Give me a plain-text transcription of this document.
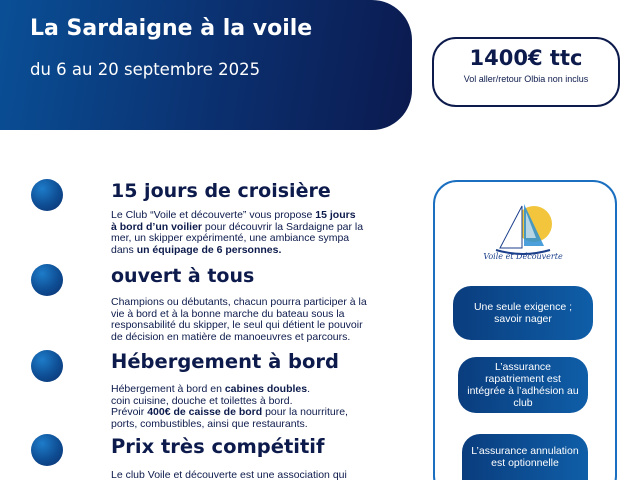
La Sardaigne à la voile
du 6 au 20 septembre 2025	1400€ ttc
Vol aller/retour Olbia non inclus
15 jours de croisière
Le Club “Voile et découverte” vous propose 15 jours
à bord d’un voilier pour découvrir la Sardaigne par la
mer, un skipper expérimenté, une ambiance sympa
dans un équipage de 6 personnes.
ouvert à tous
Champions ou débutants, chacun pourra participer à la
vie à bord et à la bonne marche du bateau sous la
responsabilité du skipper, le seul qui détient le pouvoir
de décision en matière de manoeuvres et parcours.
Hébergement à bord
Hébergement à bord en cabines doubles.
coin cuisine, douche et toilettes à bord.
Prévoir 400€ de caisse de bord pour la nourriture,
ports, combustibles, ainsi que restaurants.
Prix très compétitif
Le club Voile et découverte est une association qui
Voile et Découverte
Une seule exigence ; savoir nager
L’assurance rapatriement est intégrée à l’adhésion au club
L’assurance annulation est optionnelle
